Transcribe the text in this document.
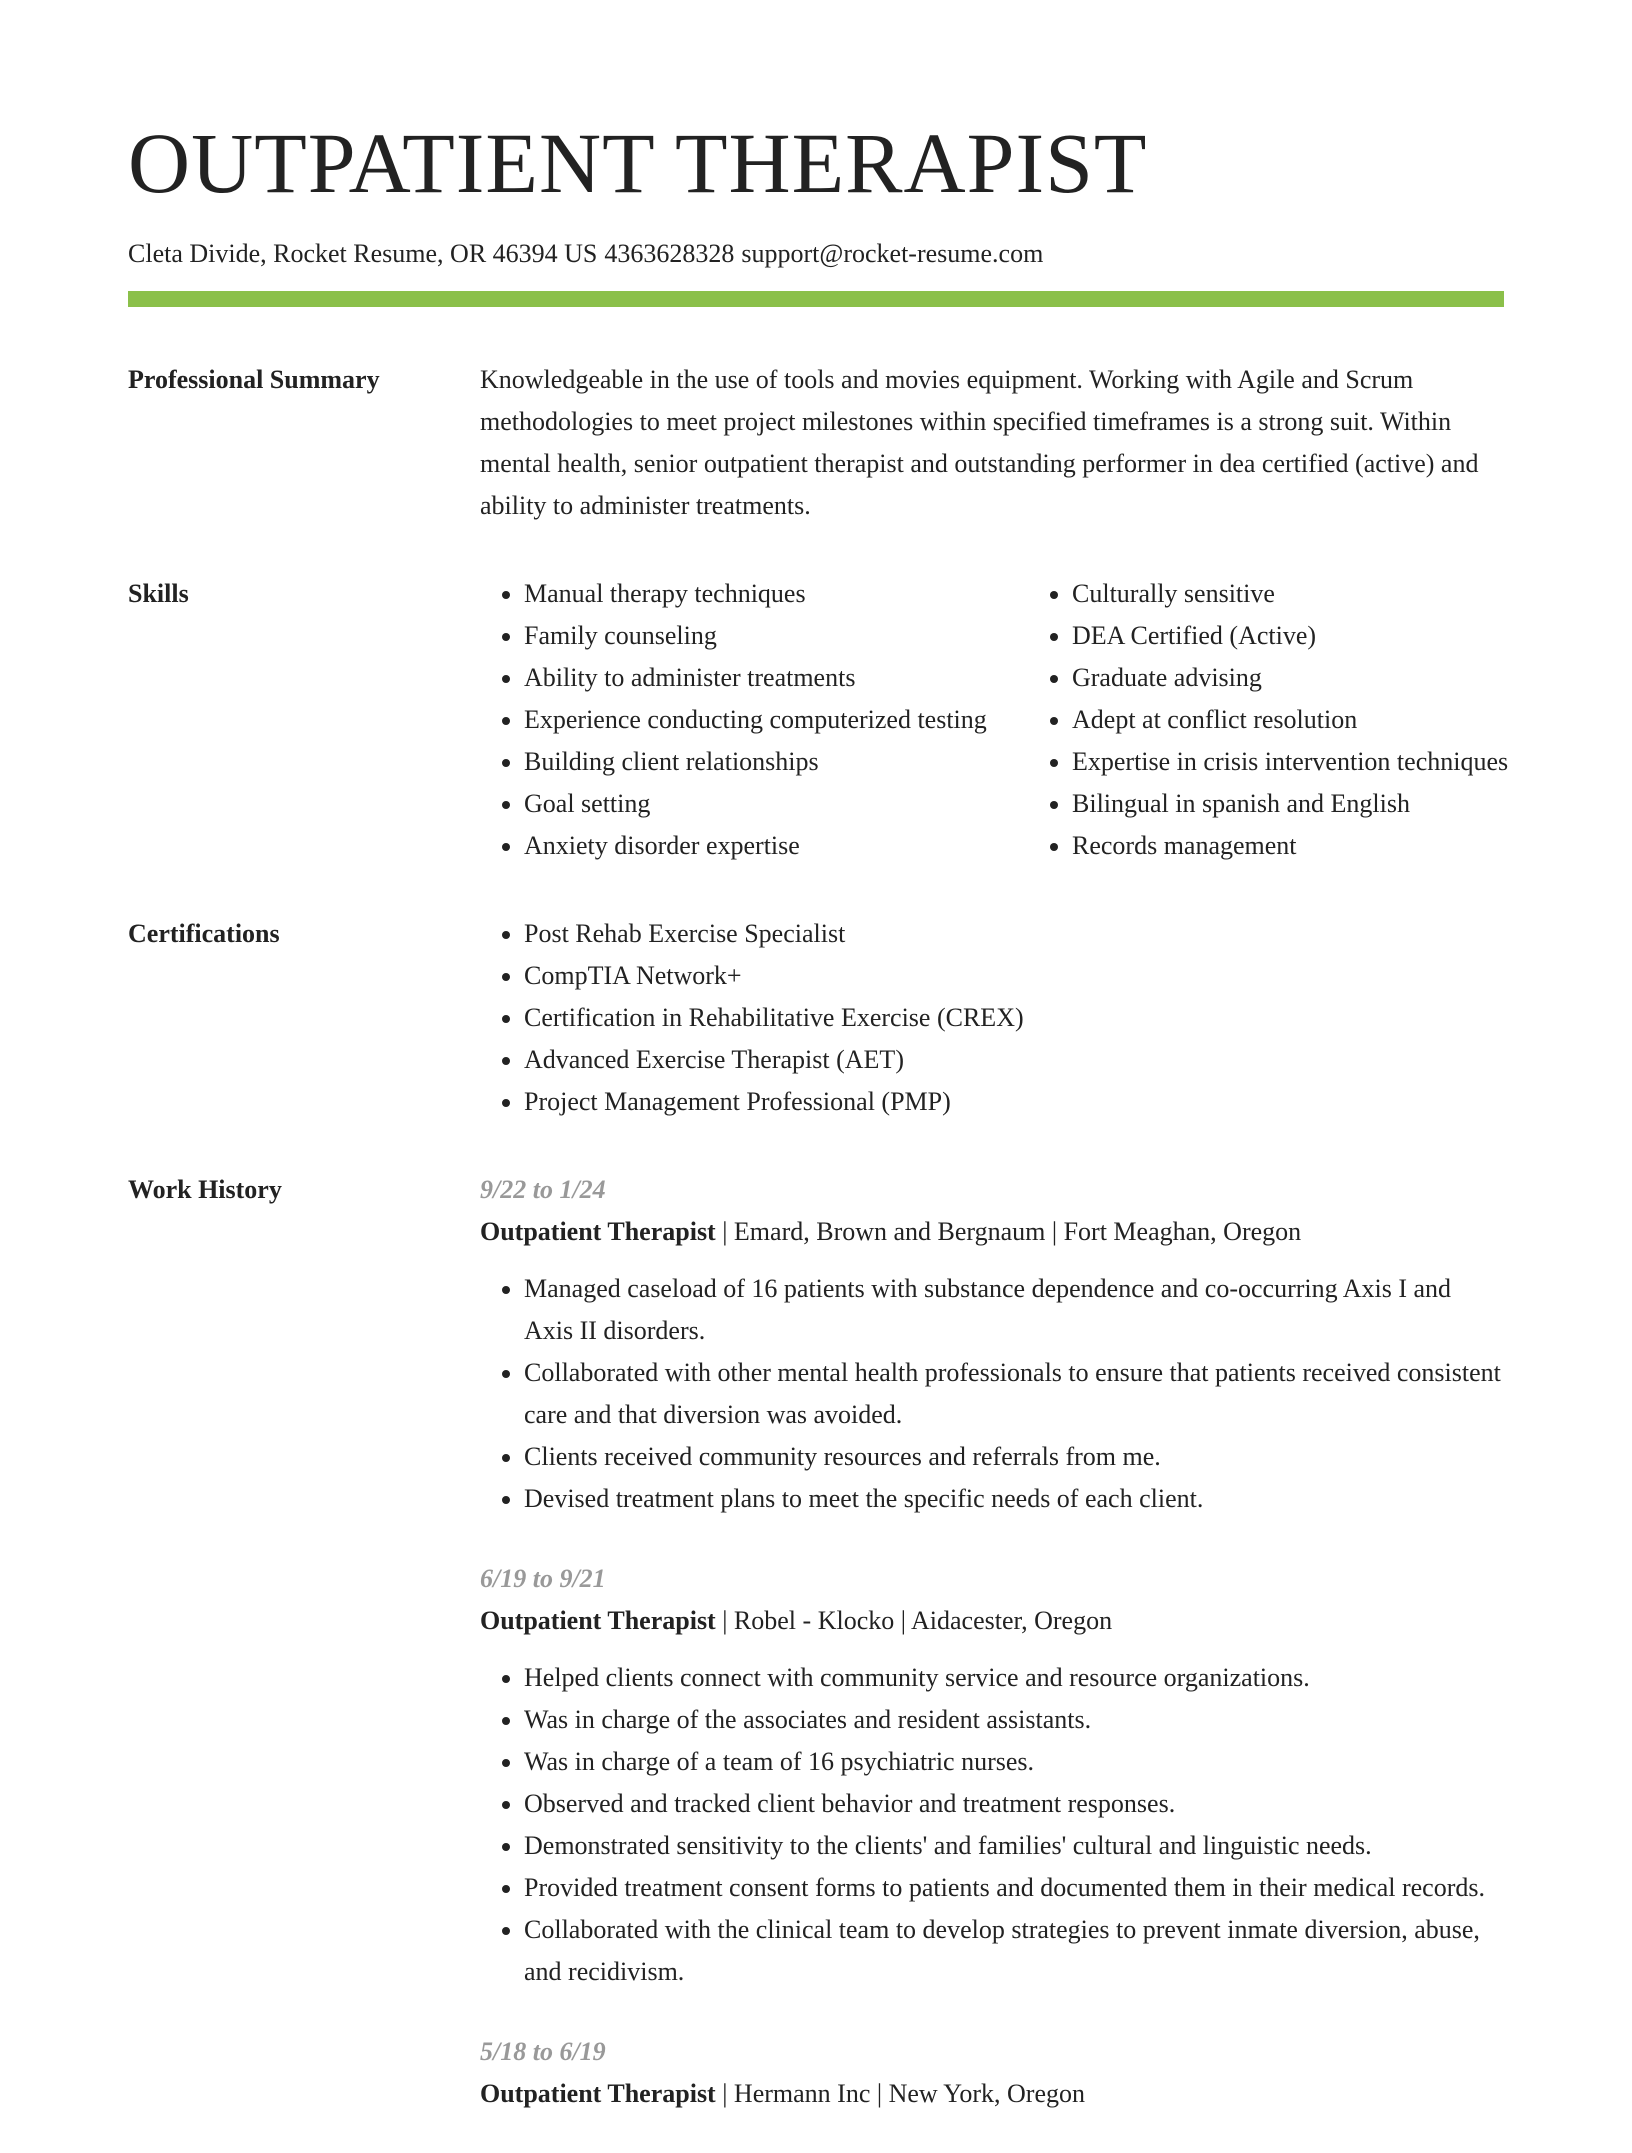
OUTPATIENT THERAPIST
Cleta Divide, Rocket Resume, OR 46394 US 4363628328 support@rocket-resume.com
Professional Summary	Knowledgeable in the use of tools and movies equipment. Working with Agile and Scrum methodologies to meet project milestones within specified timeframes is a strong suit. Within mental health, senior outpatient therapist and outstanding performer in dea certified (active) and ability to administer treatments.

Skills	• Manual therapy techniques
• Family counseling
• Ability to administer treatments
• Experience conducting computerized testing
• Building client relationships
• Goal setting
• Anxiety disorder expertise
• Culturally sensitive
• DEA Certified (Active)
• Graduate advising
• Adept at conflict resolution
• Expertise in crisis intervention techniques
• Bilingual in spanish and English
• Records management
Certifications	• Post Rehab Exercise Specialist
• CompTIA Network+
• Certification in Rehabilitative Exercise (CREX)
• Advanced Exercise Therapist (AET)
• Project Management Professional (PMP)
Work History	9/22 to 1/24
Outpatient Therapist | Emard, Brown and Bergnaum | Fort Meaghan, Oregon
• Managed caseload of 16 patients with substance dependence and co-occurring Axis I and Axis II disorders.
• Collaborated with other mental health professionals to ensure that patients received consistent care and that diversion was avoided.
• Clients received community resources and referrals from me.
• Devised treatment plans to meet the specific needs of each client.
6/19 to 9/21
Outpatient Therapist | Robel - Klocko | Aidacester, Oregon
• Helped clients connect with community service and resource organizations.
• Was in charge of the associates and resident assistants.
• Was in charge of a team of 16 psychiatric nurses.
• Observed and tracked client behavior and treatment responses.
• Demonstrated sensitivity to the clients' and families' cultural and linguistic needs.
• Provided treatment consent forms to patients and documented them in their medical records.
• Collaborated with the clinical team to develop strategies to prevent inmate diversion, abuse, and recidivism.
5/18 to 6/19
Outpatient Therapist | Hermann Inc | New York, Oregon
